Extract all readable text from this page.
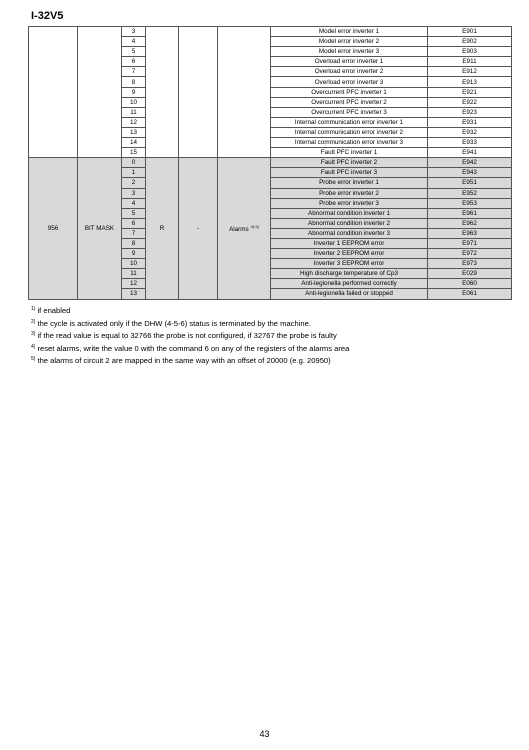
I-32V5
		3				Model error inverter 1	E901
		4				Model error inverter 2	E902
		5				Model error inverter 3	E903
		6				Overload error inverter 1	E911
		7				Overload error inverter 2	E912
		8				Overload error inverter 3	E913
		9				Overcurrent PFC inverter 1	E921
		10				Overcurrent PFC inverter 2	E922
		11				Overcurrent PFC inverter 3	E923
		12				Internal communication error inverter 1	E931
		13				Internal communication error inverter 2	E932
		14				Internal communication error inverter 3	E933
		15				Fault PFC inverter 1	E941
956	BIT MASK	0	R	-	Alarms $^{4) 5)}$	Fault PFC inverter 2	E942
		1				Fault PFC inverter 3	E943
		2				Probe error inverter 1	E951
		3				Probe error inverter 2	E952
		4				Probe error inverter 3	E953
		5				Abnormal condition inverter 1	E961
		6				Abnormal condition inverter 2	E962
		7				Abnormal condition inverter 3	E963
		8				Inverter 1 EEPROM error	E971
		9				Inverter 2 EEPROM error	E972
		10				Inverter 3 EEPROM error	E973
		11				High discharge temperature of Cp3	E029
		12				Anti-legionella performed correctly	E060
		13				Anti-legionella failed or stopped	E061
$^{1)}$ if enabled
$^{2)}$ the cycle is activated only if the DHW (4-5-6) status is terminated by the machine.
$^{3)}$ if the read value is equal to 32766 the probe is not configured, if 32767 the probe is faulty
$^{4)}$ reset alarms, write the value 0 with the command 6 on any of the registers of the alarms area
$^{5)}$ the alarms of circuit 2 are mapped in the same way with an offset of 20000 (e.g. 20950)
43
